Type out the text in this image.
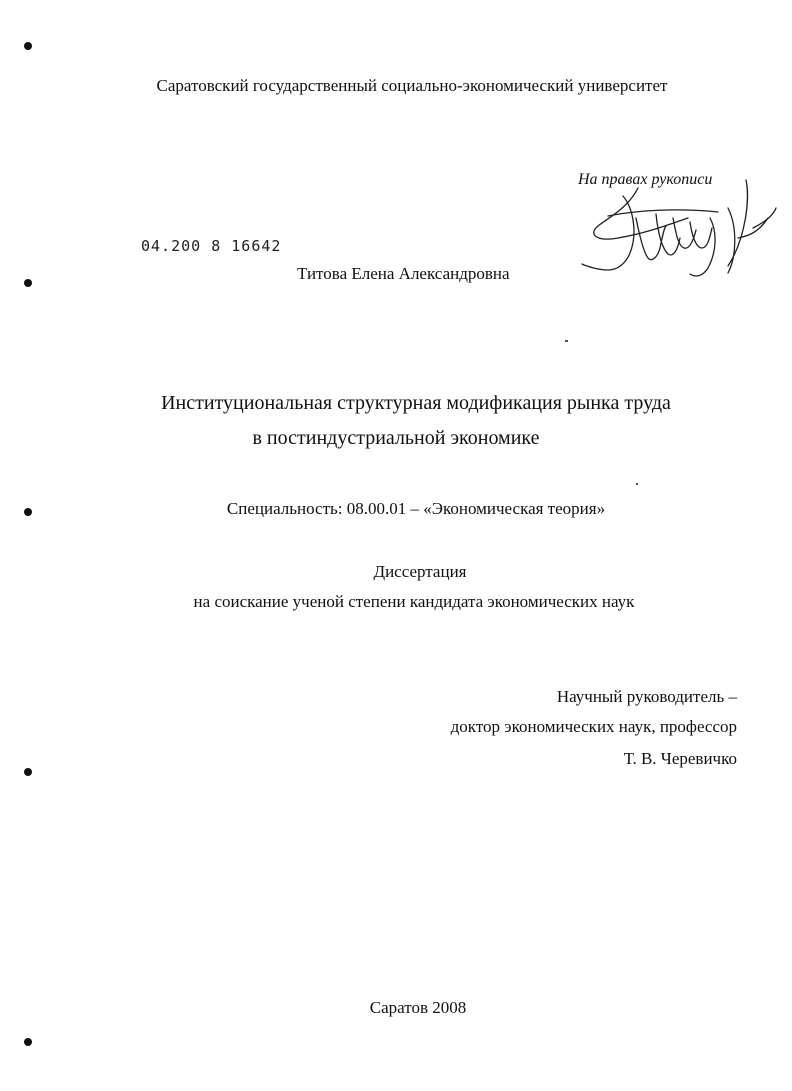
Саратовский государственный социально-экономический университет
На правах рукописи
04.200 8 16642
Титова Елена Александровна
Институциональная структурная модификация рынка труда
в постиндустриальной экономике
Специальность: 08.00.01 – «Экономическая теория»
Диссертация
на соискание ученой степени кандидата экономических наук
Научный руководитель –
доктор экономических наук, профессор
Т. В. Черевичко
Саратов 2008
